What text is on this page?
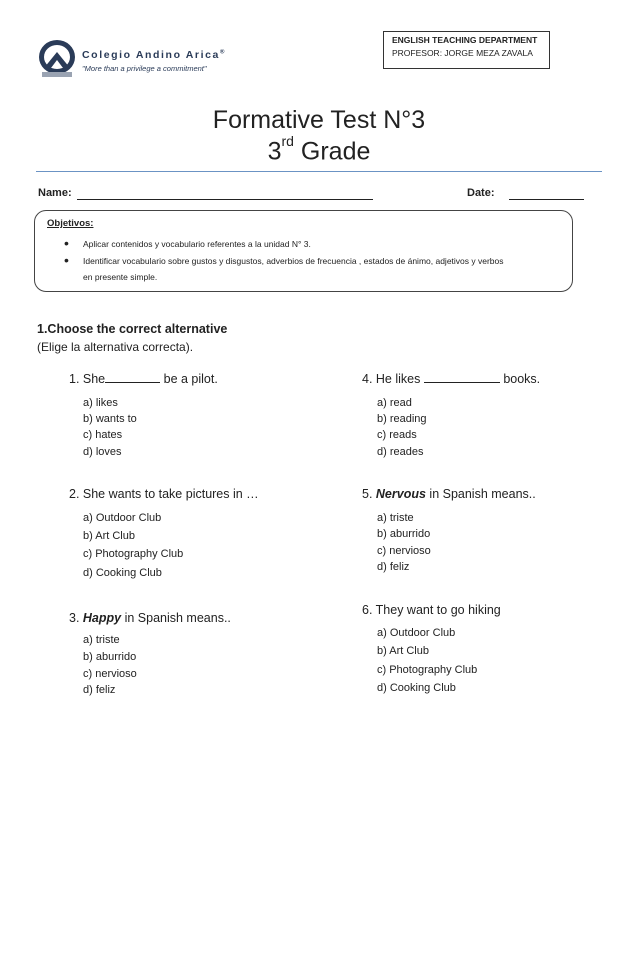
Colegio Andino Arica®
"More than a privilege a commitment"
ENGLISH TEACHING DEPARTMENT
PROFESOR: JORGE MEZA ZAVALA
Formative Test N°3
3rd Grade
Name:	Date:
Objetivos:
• Aplicar contenidos y vocabulario referentes a la unidad N° 3.
• Identificar vocabulario sobre gustos y disgustos, adverbios de frecuencia , estados de ánimo, adjetivos y verbos
en presente simple.
1.Choose the correct alternative
(Elige la alternativa correcta).
1. She	be a pilot.
a) likes
b) wants to
c) hates
d) loves
2. She wants to take pictures in …
a) Outdoor Club
b) Art Club
c) Photography Club
d) Cooking Club
3. Happy in Spanish means..
a) triste
b) aburrido
c) nervioso
d) feliz
4. He likes	books.
a) read
b) reading
c) reads
d) reades
5. Nervous in Spanish means..
a) triste
b) aburrido
c) nervioso
d) feliz
6. They want to go hiking
a) Outdoor Club
b) Art Club
c) Photography Club
d) Cooking Club
